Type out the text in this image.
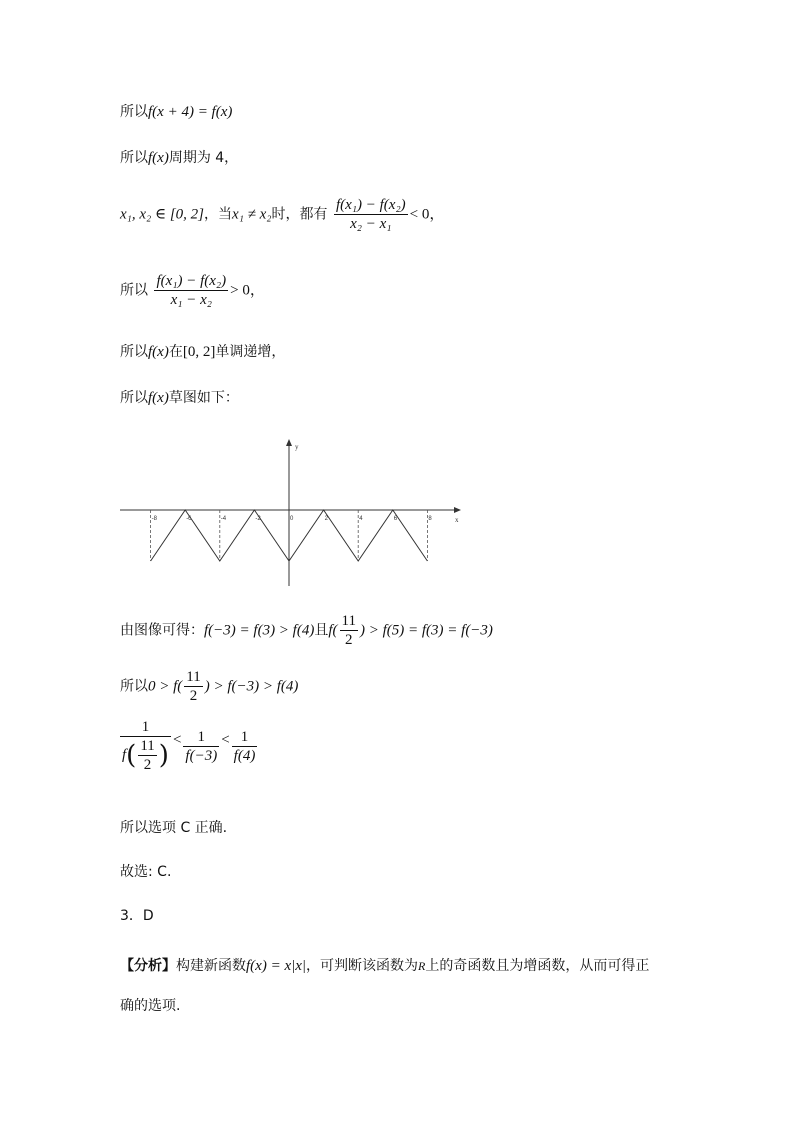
所以f(x + 4) = f(x)
所以f(x)周期为 4，
x₁, x₂ ∈ [0, 2]，当x₁ ≠ x₂时，都有 $\frac{\text{f(x₁) − f(x₂)}}{\text{x₂ − x₁}} < 0$，
所以 $\frac{\text{f(x₁) − f(x₂)}}{\text{x₁ − x₂}} > 0$，
所以f(x)在[0, 2]单调递增，
所以f(x)草图如下：
x
y
-8	-6	-4	-2	0	2	4	6	8
由图像可得：f(−3) = f(3) > f(4)且$f( \frac{11}{2}$ ) > f(5) = f(3) = f(−3)
所以$0 > f( \frac{11}{2}$ ) > f(−3) > f(4)
$\frac{1}{f( \frac{11}{2} )} < \frac{1}{f(-3)} < \frac{1}{f(4)}$
所以选项 C 正确.
故选: C.
3．D
【分析】构建新函数f(x) = x|x|，可判断该函数为R上的奇函数且为增函数，从而可得正
确的选项.
